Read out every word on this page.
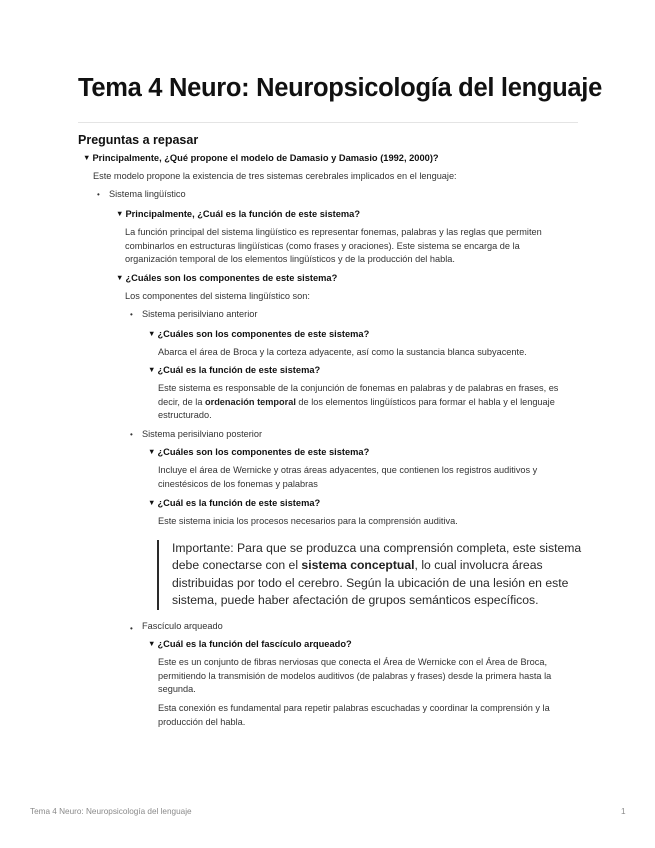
Tema 4 Neuro: Neuropsicología del lenguaje
Preguntas a repasar
▼ Principalmente, ¿Qué propone el modelo de Damasio y Damasio (1992, 2000)?
Este modelo propone la existencia de tres sistemas cerebrales implicados en el lenguaje:
• Sistema lingüístico
▼ Principalmente, ¿Cuál es la función de este sistema?

La función principal del sistema lingüístico es representar fonemas, palabras y las reglas que permiten combinarlos en estructuras lingüísticas (como frases y oraciones). Este sistema se encarga de la organización temporal de los elementos lingüísticos y de la producción del habla.

▼ ¿Cuáles son los componentes de este sistema?
Los componentes del sistema lingüístico son:
• Sistema perisilviano anterior
▼ ¿Cuáles son los componentes de este sistema?
Abarca el área de Broca y la corteza adyacente, así como la sustancia blanca subyacente.
▼ ¿Cuál es la función de este sistema?

Este sistema es responsable de la conjunción de fonemas en palabras y de palabras en frases, es decir, de la ordenación temporal de los elementos lingüísticos para formar el habla y el lenguaje estructurado.

• Sistema perisilviano posterior
▼ ¿Cuáles son los componentes de este sistema?

Incluye el área de Wernicke y otras áreas adyacentes, que contienen los registros auditivos y cinestésicos de los fonemas y palabras

▼ ¿Cuál es la función de este sistema?
Este sistema inicia los procesos necesarios para la comprensión auditiva.
Importante: Para que se produzca una comprensión completa, este sistema debe conectarse con el sistema conceptual, lo cual involucra áreas distribuidas por todo el cerebro. Según la ubicación de una lesión en este sistema, puede haber afectación de grupos semánticos específicos.
• Fascículo arqueado
▼ ¿Cuál es la función del fascículo arqueado?

Este es un conjunto de fibras nerviosas que conecta el Área de Wernicke con el Área de Broca, permitiendo la transmisión de modelos auditivos (de palabras y frases) desde la primera hasta la segunda.

Esta conexión es fundamental para repetir palabras escuchadas y coordinar la comprensión y la producción del habla.

Tema 4 Neuro: Neuropsicología del lenguaje	1
